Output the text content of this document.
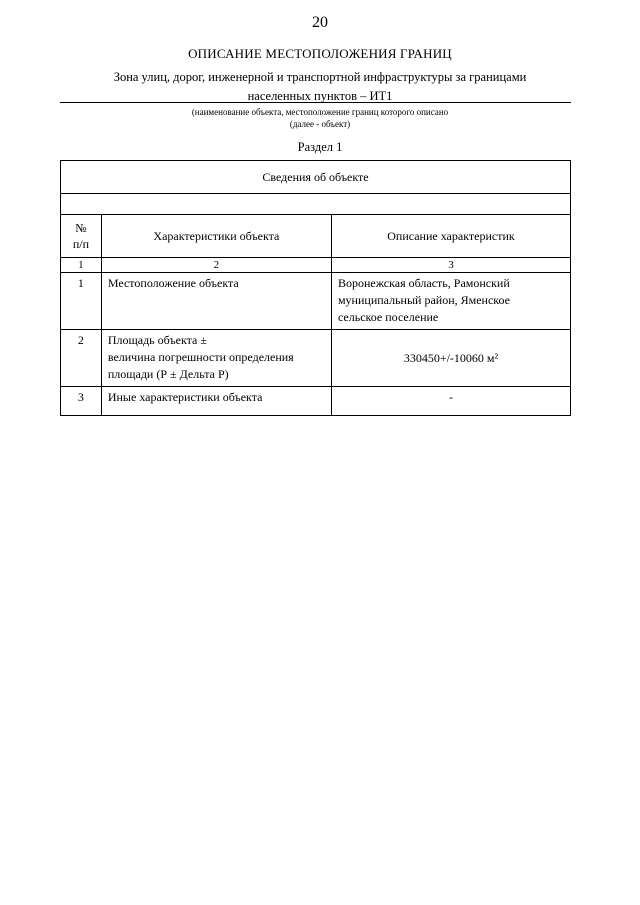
20
ОПИСАНИЕ МЕСТОПОЛОЖЕНИЯ ГРАНИЦ
Зона улиц, дорог, инженерной и транспортной инфраструктуры за границами
населенных пунктов – ИТ1
(наименование объекта, местоположение границ которого описано
(далее - объект)
Раздел 1
Сведения об объекте		

№
п/п	Характеристики объекта	Описание характеристик
1	2	3

1	Местоположение объекта	Воронежская область, Рамонский
муниципальный район, Яменское
сельское поселение

2	Площадь объекта ±
величина погрешности определения
площади (Р ± Дельта Р)	330450+/-10060 м²

3	Иные характеристики объекта	-
